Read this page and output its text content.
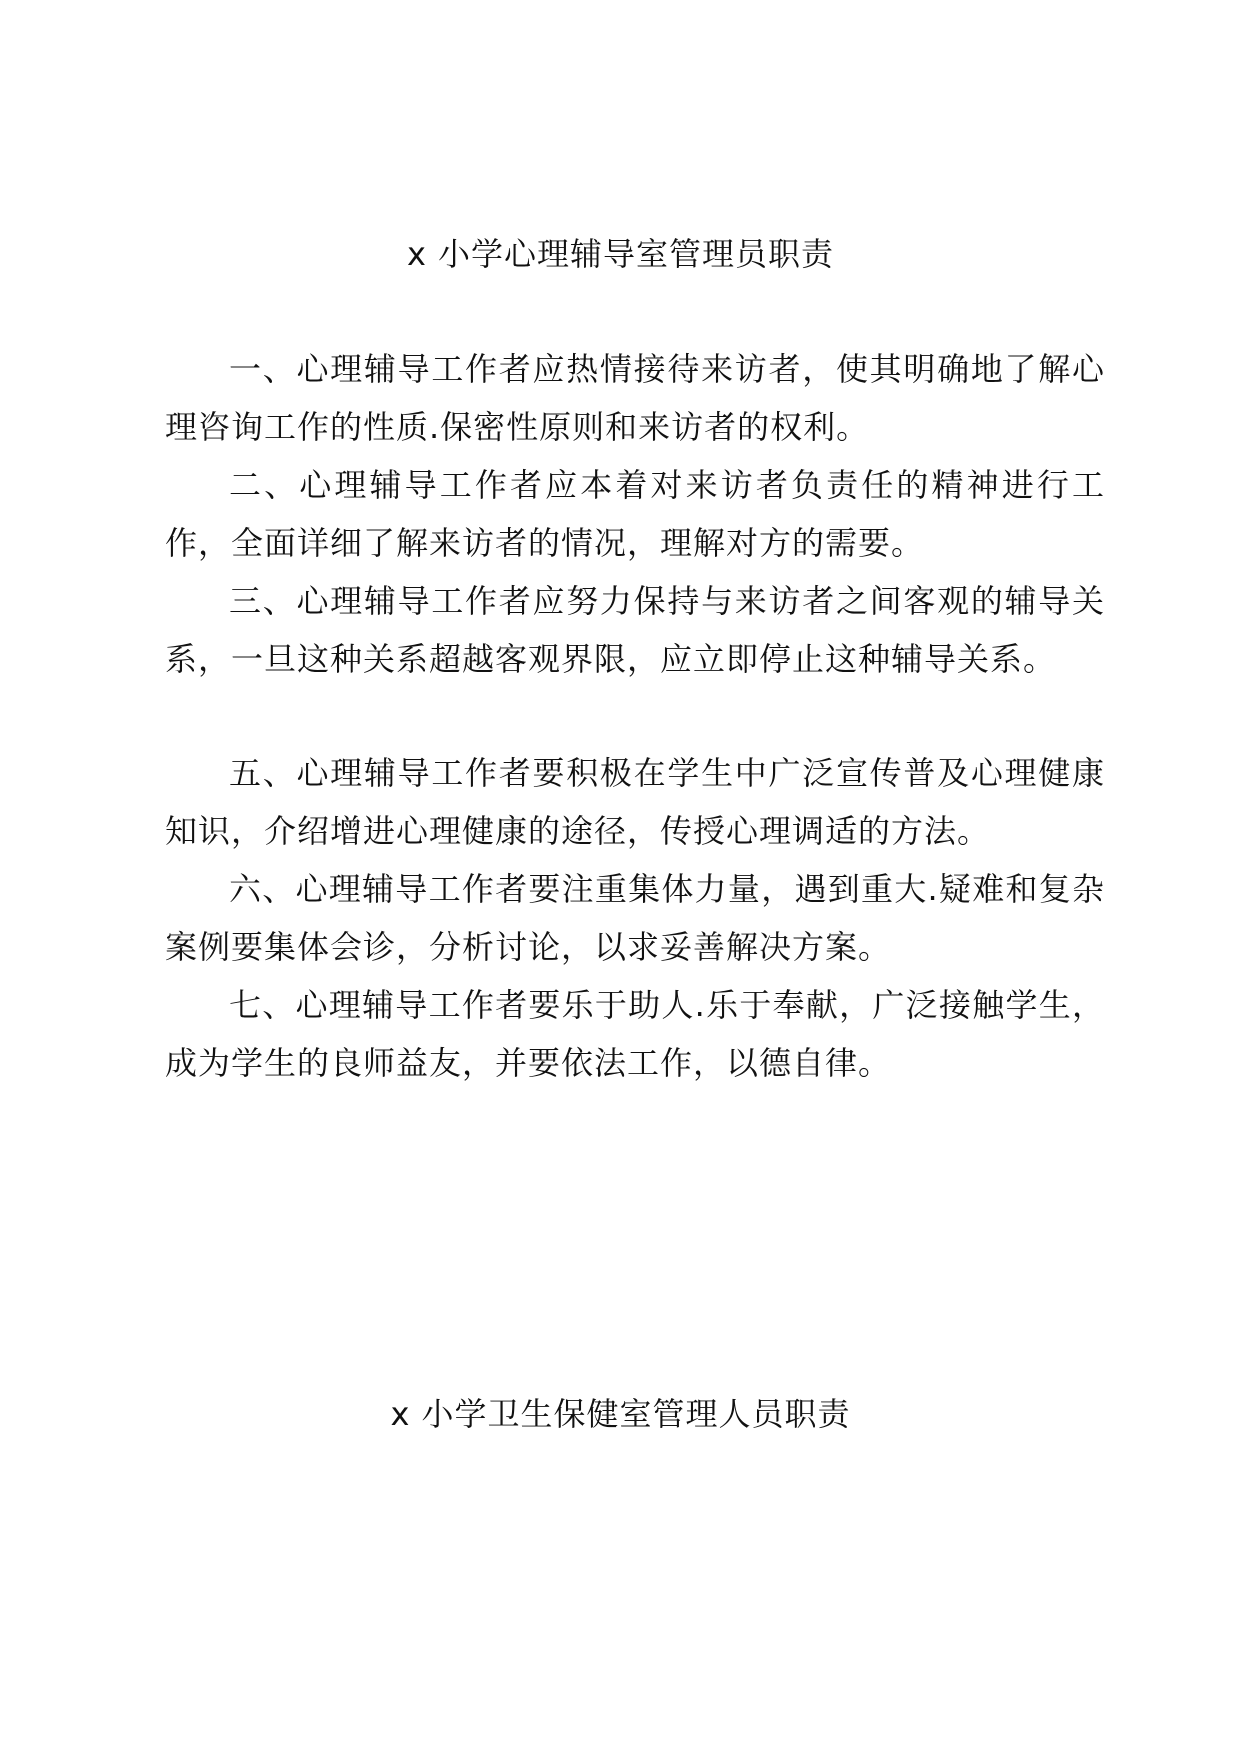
x 小学心理辅导室管理员职责

一、心理辅导工作者应热情接待来访者，使其明确地了解心理咨询工作的性质.保密性原则和来访者的权利。

二、心理辅导工作者应本着对来访者负责任的精神进行工作，全面详细了解来访者的情况，理解对方的需要。

三、心理辅导工作者应努力保持与来访者之间客观的辅导关系，一旦这种关系超越客观界限，应立即停止这种辅导关系。

五、心理辅导工作者要积极在学生中广泛宣传普及心理健康知识，介绍增进心理健康的途径，传授心理调适的方法。

六、心理辅导工作者要注重集体力量，遇到重大.疑难和复杂案例要集体会诊，分析讨论，以求妥善解决方案。

七、心理辅导工作者要乐于助人.乐于奉献，广泛接触学生，成为学生的良师益友，并要依法工作，以德自律。

x 小学卫生保健室管理人员职责
